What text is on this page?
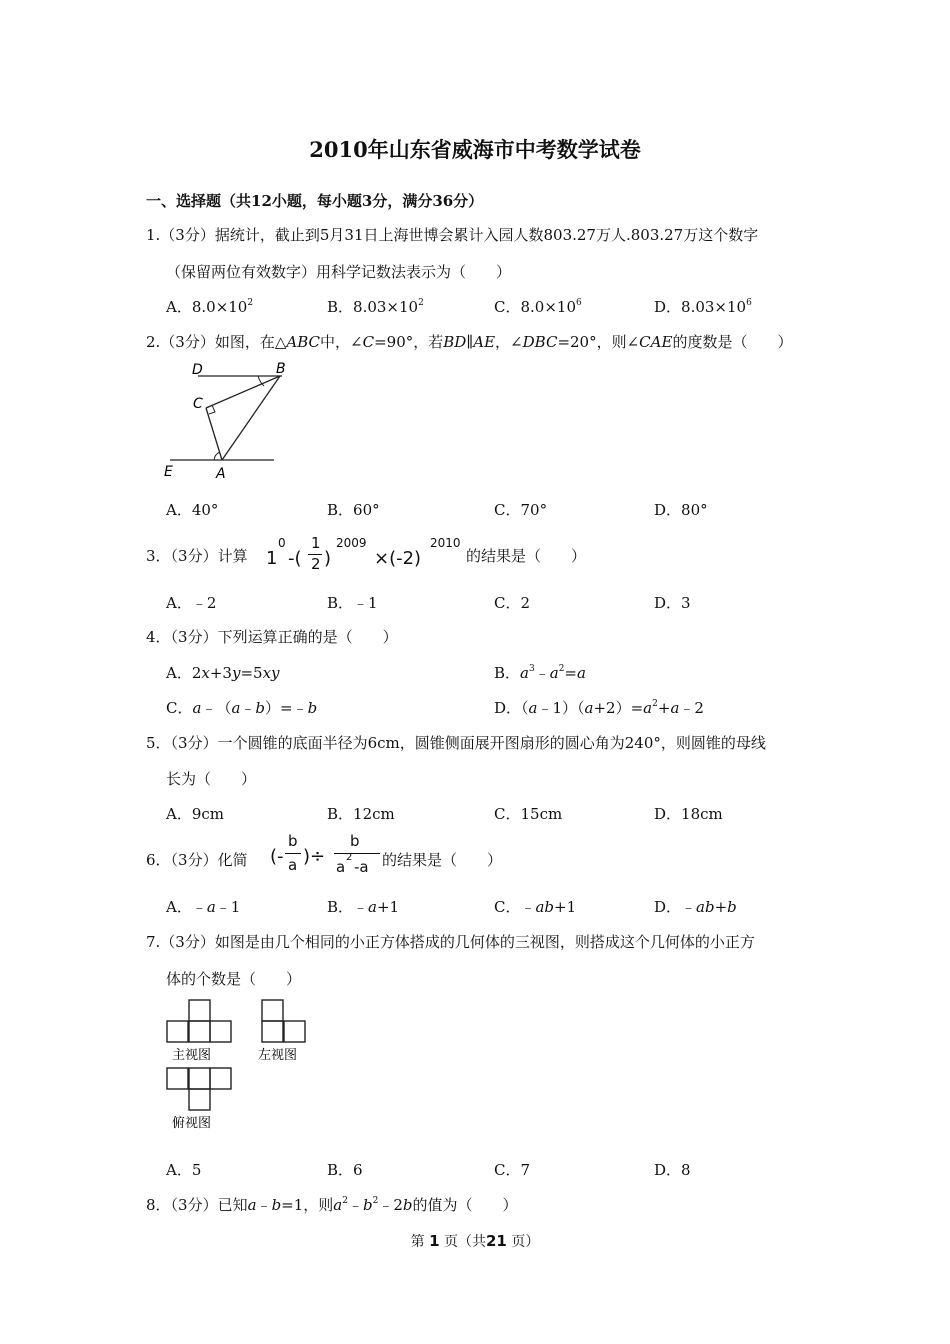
2010年山东省威海市中考数学试卷
一、选择题（共12小题，每小题3分，满分36分）
1.（3分）据统计，截止到5月31日上海世博会累计入园人数803.27万人.803.27万这个数字
（保留两位有效数字）用科学记数法表示为（　　）
A．$8.0\times 10^2$	B．$8.03\times 10^2$	C．$8.0\times 10^6$	D．$8.03\times 10^6$
2.（3分）如图，在△ABC中，∠C=90°，若BD∥AE，∠DBC=20°，则∠CAE的度数是（　　）
D	B
C
E	A
A．40°	B．60°	C．70°	D．80°
3．（3分）计算 1
0
-(
1
2 )
2009
×(-2)
2010
的结果是（　　）
A．﹣2	B．﹣1	C．2	D．3
4．（3分）下列运算正确的是（　　）
A．2x+3y=5xy	B．$a^3﹣a^2=a$
C．a﹣（a﹣b）=﹣b	D．$(a﹣1)(a+2)=a^2+a﹣2$
5．（3分）一个圆锥的底面半径为6cm，圆锥侧面展开图扇形的圆心角为240°，则圆锥的母线
长为（　　）
A．9cm	B．12cm	C．15cm	D．18cm
6．（3分）化简 ( -
b
a )÷
b
a
2
-a 的结果是（　　）
A．﹣a﹣1	B．﹣a+1	C．﹣ab+1	D．﹣ab+b
7.（3分）如图是由几个相同的小正方体搭成的几何体的三视图，则搭成这个几何体的小正方
体的个数是（　　）
主视图	左视图
俯视图
A．5	B．6	C．7	D．8
8．（3分）已知a﹣b=1，则$a^2﹣b^2﹣2b$的值为（　　）
第 1 页（共21 页）
